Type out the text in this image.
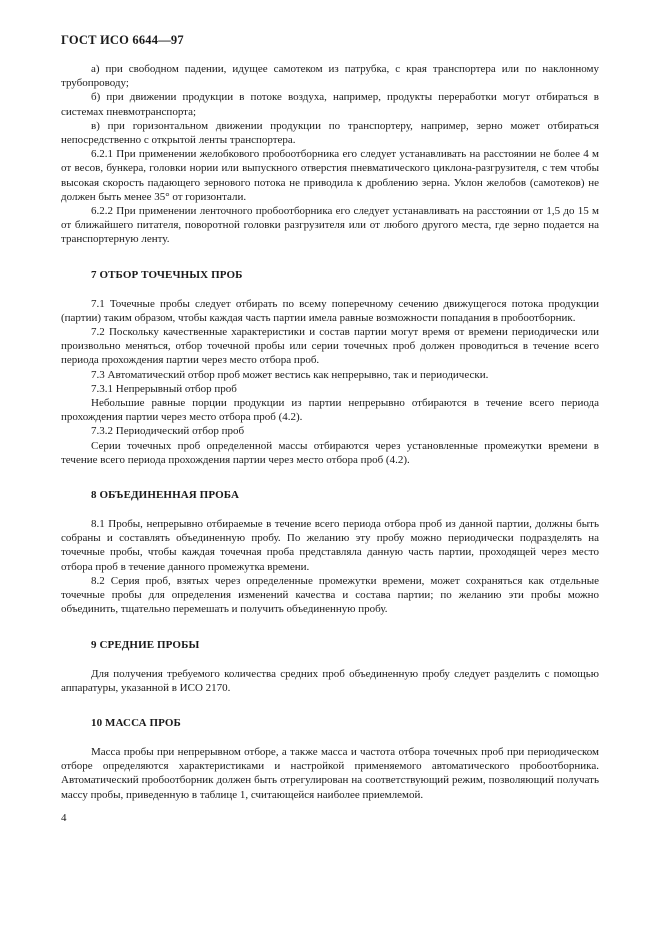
ГОСТ ИСО 6644—97

а) при свободном падении, идущее самотеком из патрубка, с края транспортера или по наклонному трубопроводу;

б) при движении продукции в потоке воздуха, например, продукты переработки могут отбираться в системах пневмотранспорта;

в) при горизонтальном движении продукции по транспортеру, например, зерно может отбираться непосредственно с открытой ленты транспортера.

6.2.1 При применении желобкового пробоотборника его следует устанавливать на расстоянии не более 4 м от весов, бункера, головки нории или выпускного отверстия пневматического циклона-разгрузителя, с тем чтобы высокая скорость падающего зернового потока не приводила к дроблению зерна. Уклон желобов (самотеков) не должен быть менее 35° от горизонтали.

6.2.2 При применении ленточного пробоотборника его следует устанавливать на расстоянии от 1,5 до 15 м от ближайшего питателя, поворотной головки разгрузителя или от любого другого места, где зерно подается на транспортерную ленту.

7 ОТБОР ТОЧЕЧНЫХ ПРОБ

7.1 Точечные пробы следует отбирать по всему поперечному сечению движущегося потока продукции (партии) таким образом, чтобы каждая часть партии имела равные возможности попадания в пробоотборник.

7.2 Поскольку качественные характеристики и состав партии могут время от времени периодически или произвольно меняться, отбор точечной пробы или серии точечных проб должен проводиться в течение всего периода прохождения партии через место отбора проб.

7.3 Автоматический отбор проб может вестись как непрерывно, так и периодически.

7.3.1 Непрерывный отбор проб

Небольшие равные порции продукции из партии непрерывно отбираются в течение всего периода прохождения партии через место отбора проб (4.2).

7.3.2 Периодический отбор проб

Серии точечных проб определенной массы отбираются через установленные промежутки времени в течение всего периода прохождения партии через место отбора проб (4.2).

8 ОБЪЕДИНЕННАЯ ПРОБА

8.1 Пробы, непрерывно отбираемые в течение всего периода отбора проб из данной партии, должны быть собраны и составлять объединенную пробу. По желанию эту пробу можно периодически подразделять на точечные пробы, чтобы каждая точечная проба представляла данную часть партии, проходящей через место отбора проб в течение данного промежутка времени.

8.2 Серия проб, взятых через определенные промежутки времени, может сохраняться как отдельные точечные пробы для определения изменений качества и состава партии; по желанию эти пробы можно объединить, тщательно перемешать и получить объединенную пробу.

9 СРЕДНИЕ ПРОБЫ

Для получения требуемого количества средних проб объединенную пробу следует разделить с помощью аппаратуры, указанной в ИСО 2170.

10 МАССА ПРОБ

Масса пробы при непрерывном отборе, а также масса и частота отбора точечных проб при периодическом отборе определяются характеристиками и настройкой применяемого автоматического пробоотборника. Автоматический пробоотборник должен быть отрегулирован на соответствующий режим, позволяющий получать массу пробы, приведенную в таблице 1, считающейся наиболее приемлемой.

4
